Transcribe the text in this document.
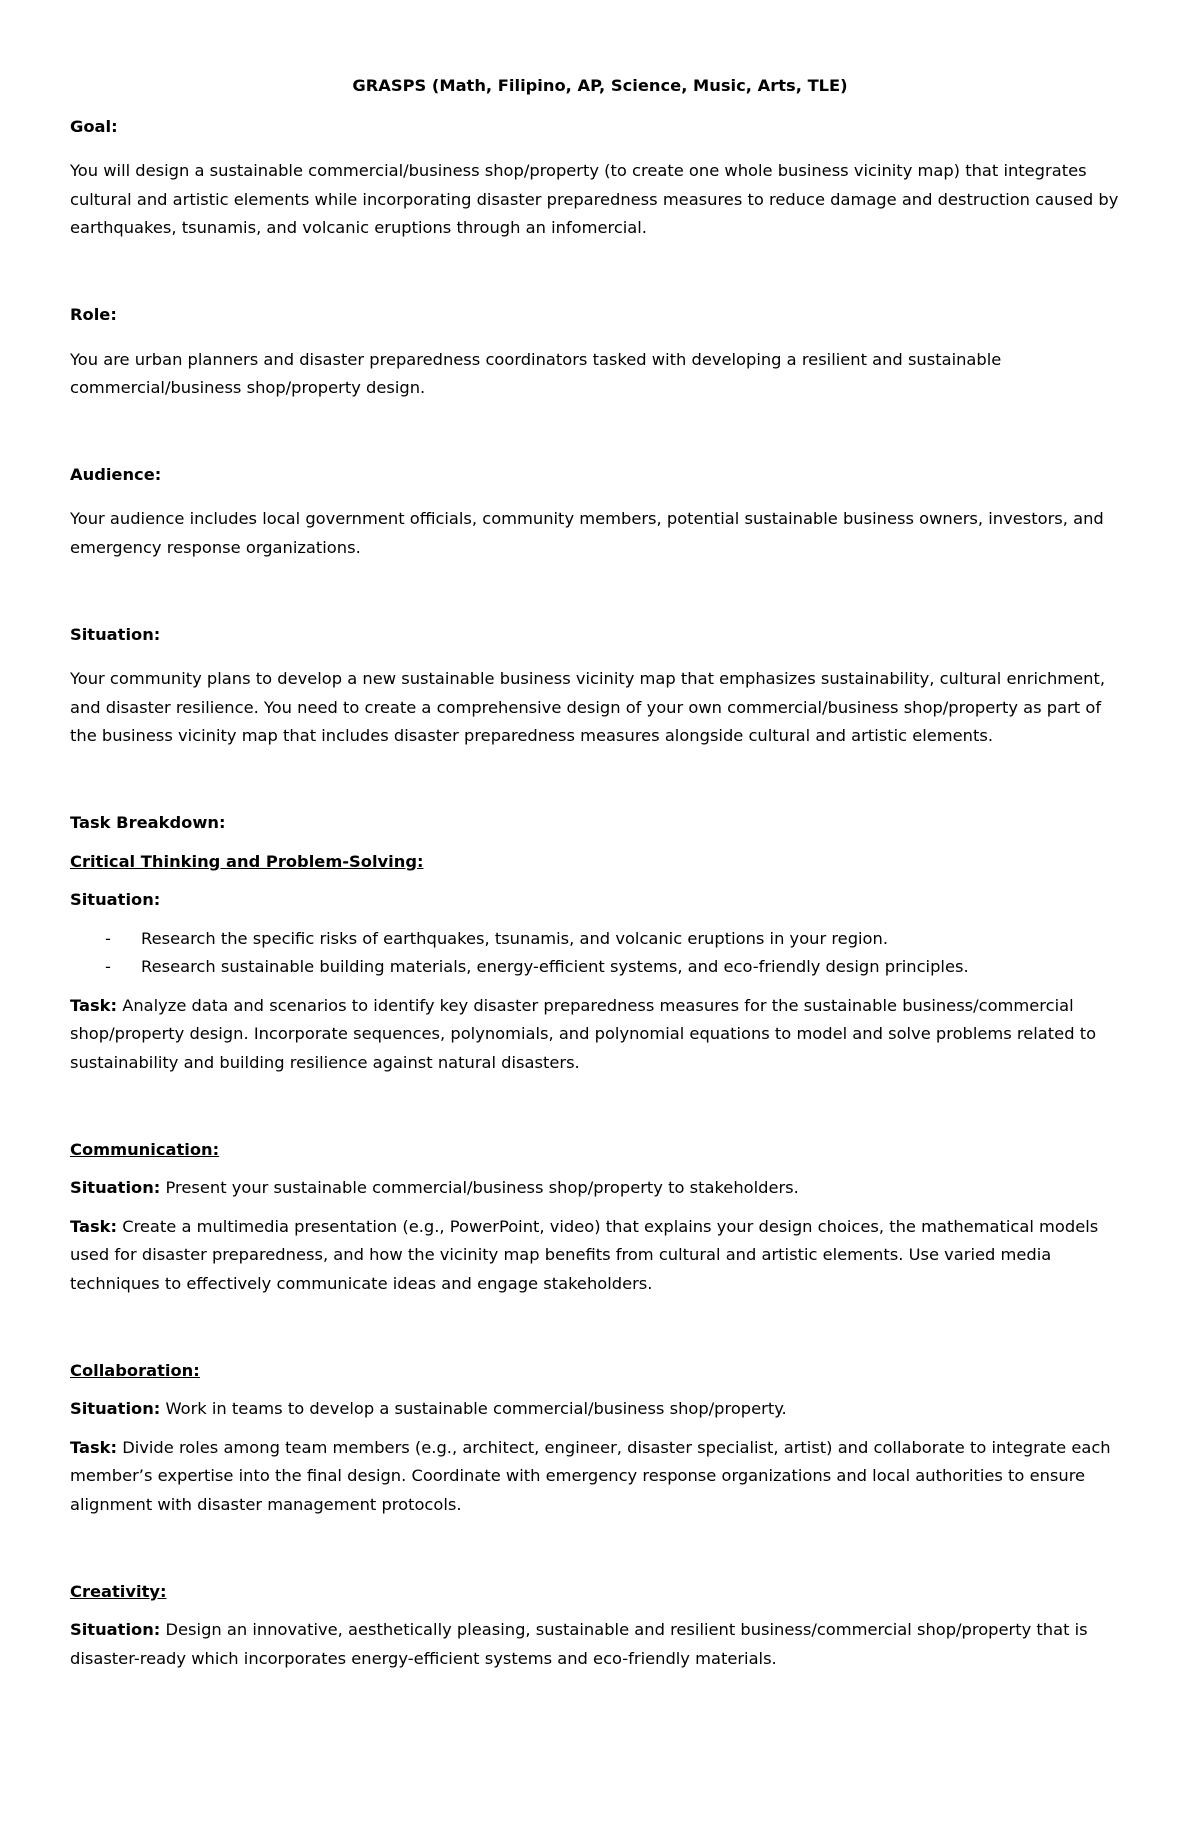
GRASPS (Math, Filipino, AP, Science, Music, Arts, TLE)

Goal:

You will design a sustainable commercial/business shop/property (to create one whole business vicinity map) that integrates cultural and artistic elements while incorporating disaster preparedness measures to reduce damage and destruction caused by earthquakes, tsunamis, and volcanic eruptions through an infomercial.

Role:

You are urban planners and disaster preparedness coordinators tasked with developing a resilient and sustainable commercial/business shop/property design.

Audience:

Your audience includes local government officials, community members, potential sustainable business owners, investors, and emergency response organizations.

Situation:

Your community plans to develop a new sustainable business vicinity map that emphasizes sustainability, cultural enrichment, and disaster resilience. You need to create a comprehensive design of your own commercial/business shop/property as part of the business vicinity map that includes disaster preparedness measures alongside cultural and artistic elements.

Task Breakdown:

Critical Thinking and Problem-Solving:

Situation:

- Research the specific risks of earthquakes, tsunamis, and volcanic eruptions in your region.
- Research sustainable building materials, energy-efficient systems, and eco-friendly design principles.

Task: Analyze data and scenarios to identify key disaster preparedness measures for the sustainable business/commercial shop/property design. Incorporate sequences, polynomials, and polynomial equations to model and solve problems related to sustainability and building resilience against natural disasters.

Communication:

Situation: Present your sustainable commercial/business shop/property to stakeholders.

Task: Create a multimedia presentation (e.g., PowerPoint, video) that explains your design choices, the mathematical models used for disaster preparedness, and how the vicinity map benefits from cultural and artistic elements. Use varied media techniques to effectively communicate ideas and engage stakeholders.

Collaboration:

Situation: Work in teams to develop a sustainable commercial/business shop/property.

Task: Divide roles among team members (e.g., architect, engineer, disaster specialist, artist) and collaborate to integrate each member’s expertise into the final design. Coordinate with emergency response organizations and local authorities to ensure alignment with disaster management protocols.

Creativity:

Situation: Design an innovative, aesthetically pleasing, sustainable and resilient business/commercial shop/property that is disaster-ready which incorporates energy-efficient systems and eco-friendly materials.
